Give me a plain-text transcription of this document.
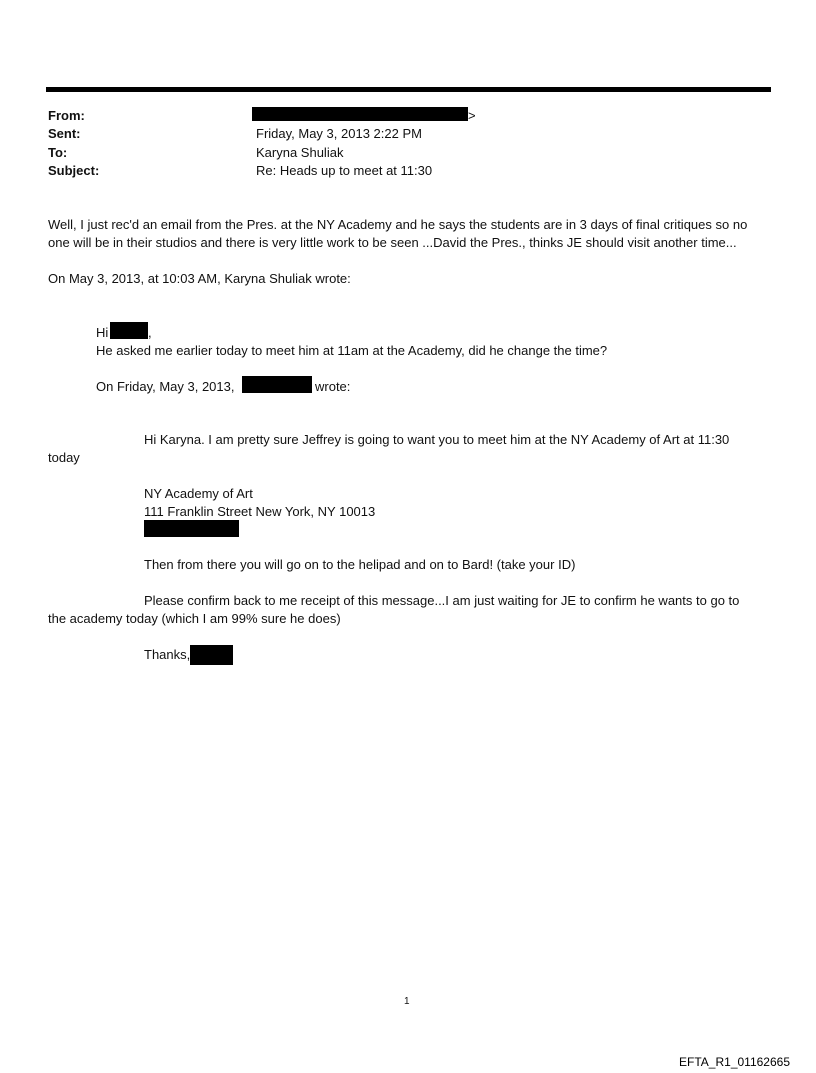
From:	>
Sent:	Friday, May 3, 2013 2:22 PM
To:	Karyna Shuliak
Subject:	Re: Heads up to meet at 11:30
Well, I just rec'd an email from the Pres. at the NY Academy and he says the students are in 3 days of final critiques so no
one will be in their studios and there is very little work to be seen ...David the Pres., thinks JE should visit another time...
On May 3, 2013, at 10:03 AM, Karyna Shuliak wrote:
Hi	,
He asked me earlier today to meet him at 11am at the Academy, did he change the time?
On Friday, May 3, 2013,	wrote:
Hi Karyna. I am pretty sure Jeffrey is going to want you to meet him at the NY Academy of Art at 11:30
today
NY Academy of Art
111 Franklin Street New York, NY 10013
Then from there you will go on to the helipad and on to Bard! (take your ID)
Please confirm back to me receipt of this message...I am just waiting for JE to confirm he wants to go to
the academy today (which I am 99% sure he does)
Thanks,
1
EFTA_R1_01162665
